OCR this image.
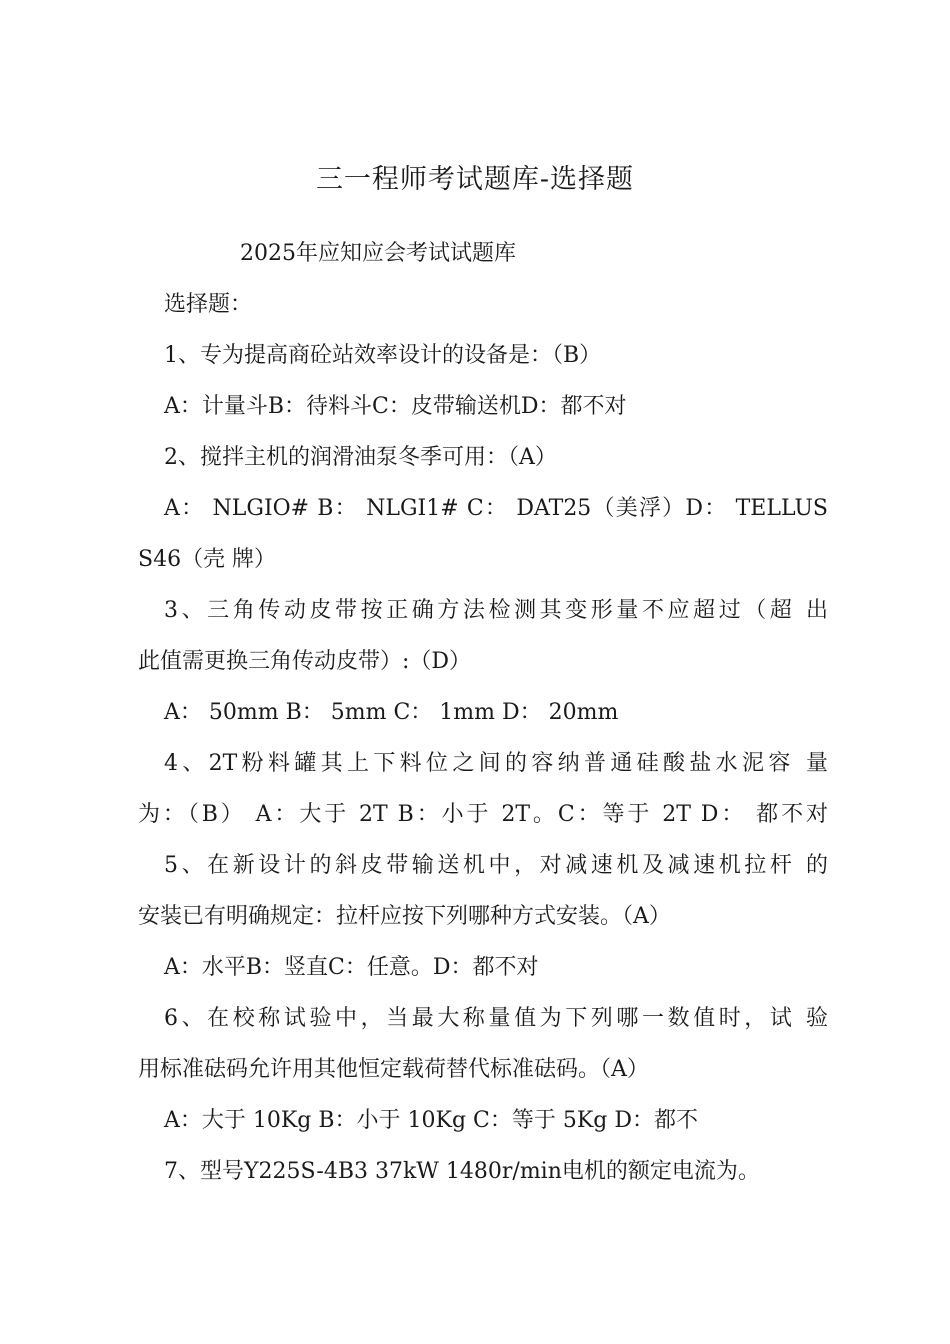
三一程师考试题库-选择题
2025年应知应会考试试题库
选择题：
1、专为提高商砼站效率设计的设备是：（B）
A：计量斗B：待料斗C：皮带输送机D：都不对
2、搅拌主机的润滑油泵冬季可用：（A）
A： NLGIO# B： NLGI1# C： DAT25（美浮）D： TELLUS
S46（壳 牌）
3、三角传动皮带按正确方法检测其变形量不应超过（超 出
此值需更换三角传动皮带）:（D）
A： 50mm B： 5mm C： 1mm D： 20mm
4、2T粉料罐其上下料位之间的容纳普通硅酸盐水泥容 量
为：（B） A：大于 2T B：小于 2T。C：等于 2T D： 都不对
5、在新设计的斜皮带输送机中，对减速机及减速机拉杆 的
安装已有明确规定：拉杆应按下列哪种方式安装。（A）
A：水平B：竖直C：任意。D：都不对
6、在校称试验中，当最大称量值为下列哪一数值时，试 验
用标准砝码允许用其他恒定载荷替代标准砝码。（A）
A：大于 10Kg B：小于 10Kg C：等于 5Kg D：都不
7、型号Y225S-4B3 37kW 1480r/min电机的额定电流为。
